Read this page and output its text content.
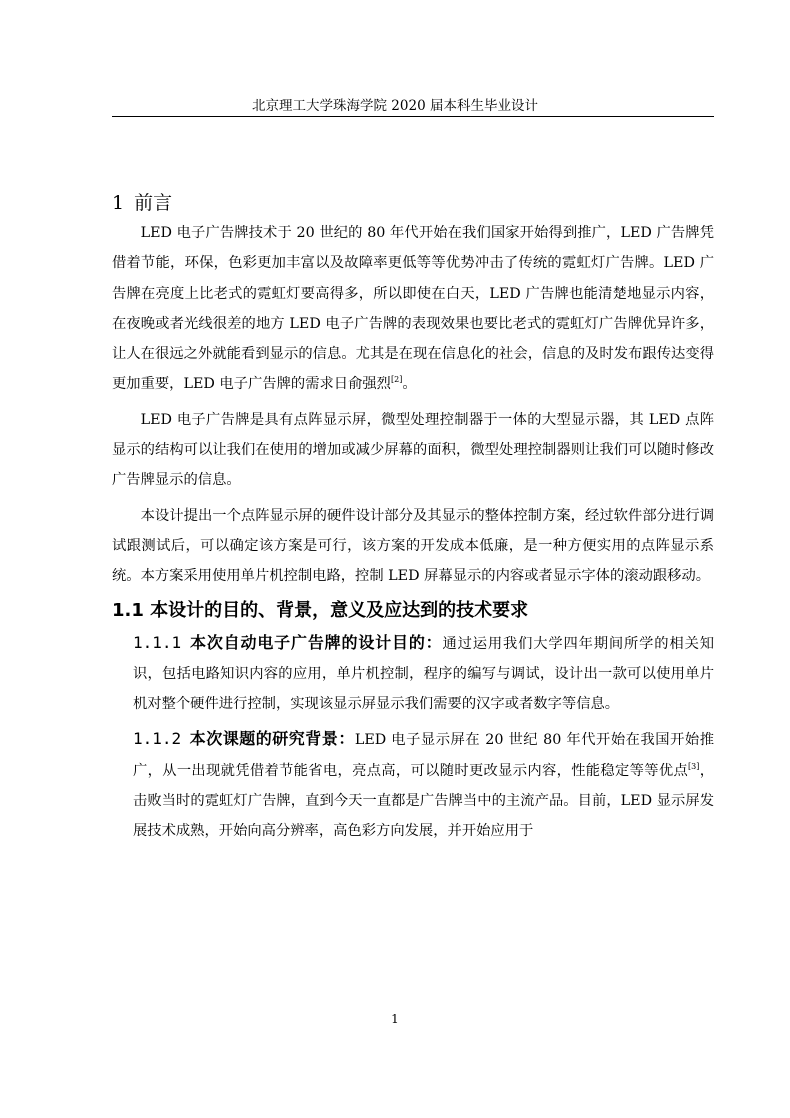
北京理工大学珠海学院 2020 届本科生毕业设计
1 前言

LED 电子广告牌技术于 20 世纪的 80 年代开始在我们国家开始得到推广，LED 广告牌凭借着节能，环保，色彩更加丰富以及故障率更低等等优势冲击了传统的霓虹灯广告牌。LED 广告牌在亮度上比老式的霓虹灯要高得多，所以即使在白天，LED 广告牌也能清楚地显示内容，在夜晚或者光线很差的地方 LED 电子广告牌的表现效果也要比老式的霓虹灯广告牌优异许多，让人在很远之外就能看到显示的信息。尤其是在现在信息化的社会，信息的及时发布跟传达变得更加重要，LED 电子广告牌的需求日俞强烈[2]。

LED 电子广告牌是具有点阵显示屏，微型处理控制器于一体的大型显示器，其 LED 点阵显示的结构可以让我们在使用的增加或减少屏幕的面积，微型处理控制器则让我们可以随时修改广告牌显示的信息。

本设计提出一个点阵显示屏的硬件设计部分及其显示的整体控制方案，经过软件部分进行调试跟测试后，可以确定该方案是可行，该方案的开发成本低廉，是一种方便实用的点阵显示系统。本方案采用使用单片机控制电路，控制 LED 屏幕显示的内容或者显示字体的滚动跟移动。

1.1 本设计的目的、背景，意义及应达到的技术要求

1.1.1  本次自动电子广告牌的设计目的：通过运用我们大学四年期间所学的相关知识，包括电路知识内容的应用，单片机控制，程序的编写与调试，设计出一款可以使用单片机对整个硬件进行控制，实现该显示屏显示我们需要的汉字或者数字等信息。

1.1.2  本次课题的研究背景：LED 电子显示屏在 20 世纪 80 年代开始在我国开始推广，从一出现就凭借着节能省电，亮点高，可以随时更改显示内容，性能稳定等等优点[3]，击败当时的霓虹灯广告牌，直到今天一直都是广告牌当中的主流产品。目前，LED 显示屏发展技术成熟，开始向高分辨率，高色彩方向发展，并开始应用于

1
